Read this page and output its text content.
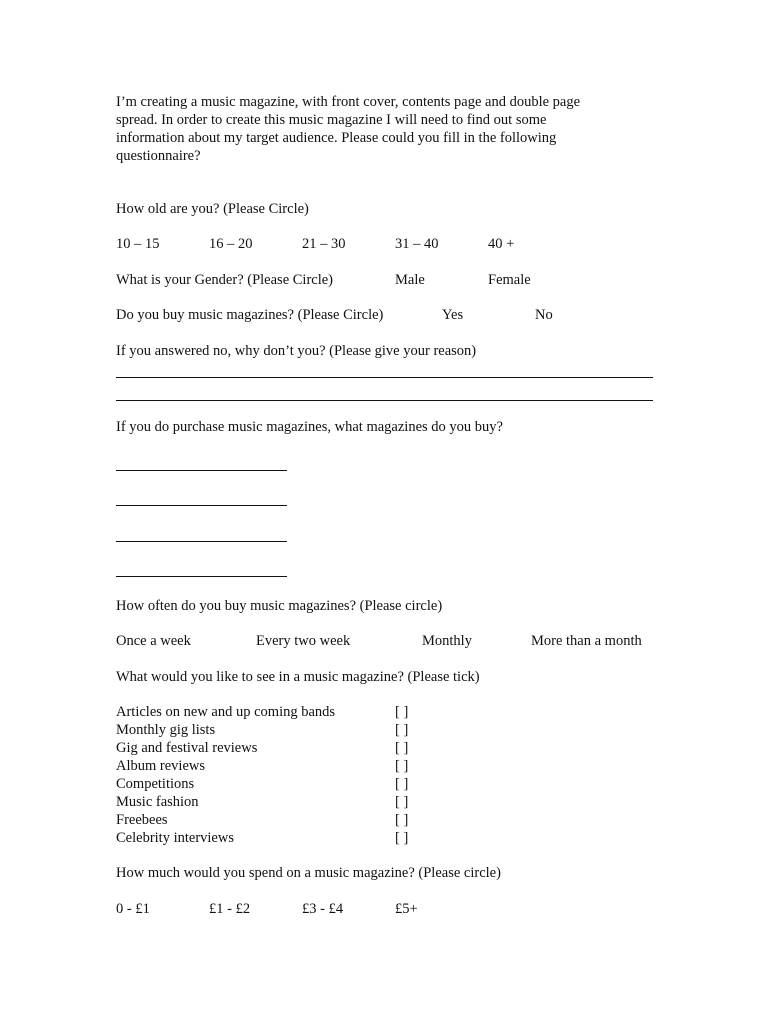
I’m creating a music magazine, with front cover, contents page and double page
spread. In order to create this music magazine I will need to find out some
information about my target audience. Please could you fill in the following
questionnaire?
How old are you? (Please Circle)
10 – 15	16 – 20	21 – 30	31 – 40	40 +
What is your Gender? (Please Circle)	Male	Female
Do you buy music magazines? (Please Circle)	Yes	No
If you answered no, why don’t you? (Please give your reason)
If you do purchase music magazines, what magazines do you buy?
How often do you buy music magazines? (Please circle)
Once a week	Every two week	Monthly	More than a month
What would you like to see in a music magazine? (Please tick)
Articles on new and up coming bands	[ ]
Monthly gig lists	[ ]
Gig and festival reviews	[ ]
Album reviews	[ ]
Competitions	[ ]
Music fashion	[ ]
Freebees	[ ]
Celebrity interviews	[ ]
How much would you spend on a music magazine? (Please circle)
0 - £1	£1 - £2	£3 - £4	£5+
